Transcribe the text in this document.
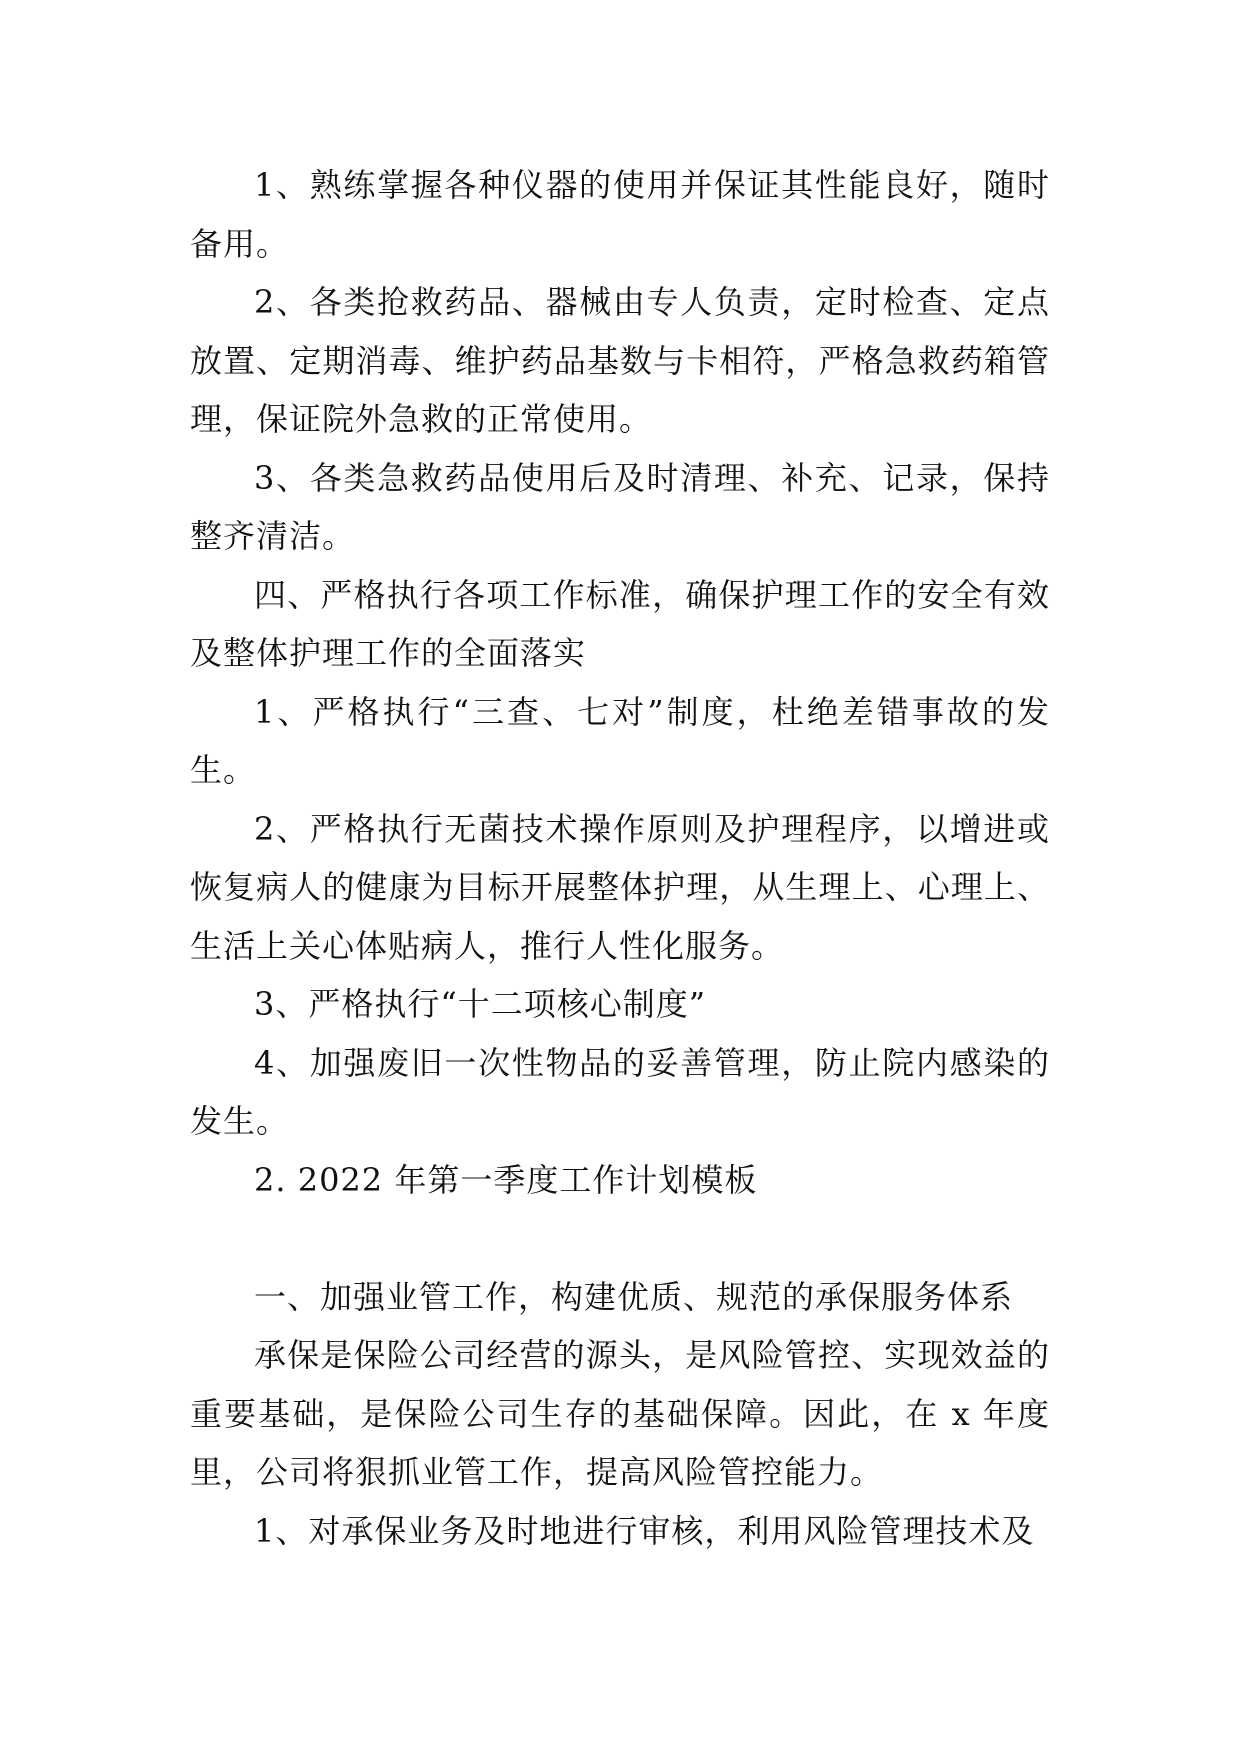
1、熟练掌握各种仪器的使用并保证其性能良好，随时备用。

2、各类抢救药品、器械由专人负责，定时检查、定点放置、定期消毒、维护药品基数与卡相符，严格急救药箱管理，保证院外急救的正常使用。

3、各类急救药品使用后及时清理、补充、记录，保持整齐清洁。

四、严格执行各项工作标准，确保护理工作的安全有效及整体护理工作的全面落实

1、严格执行“三查、七对”制度，杜绝差错事故的发生。

2、严格执行无菌技术操作原则及护理程序，以增进或恢复病人的健康为目标开展整体护理，从生理上、心理上、生活上关心体贴病人，推行人性化服务。

3、严格执行“十二项核心制度”

4、加强废旧一次性物品的妥善管理，防止院内感染的发生。

2. 2022 年第一季度工作计划模板

一、加强业管工作，构建优质、规范的承保服务体系

承保是保险公司经营的源头，是风险管控、实现效益的重要基础，是保险公司生存的基础保障。因此，在 x 年度里，公司将狠抓业管工作，提高风险管控能力。

1、对承保业务及时地进行审核，利用风险管理技术及
